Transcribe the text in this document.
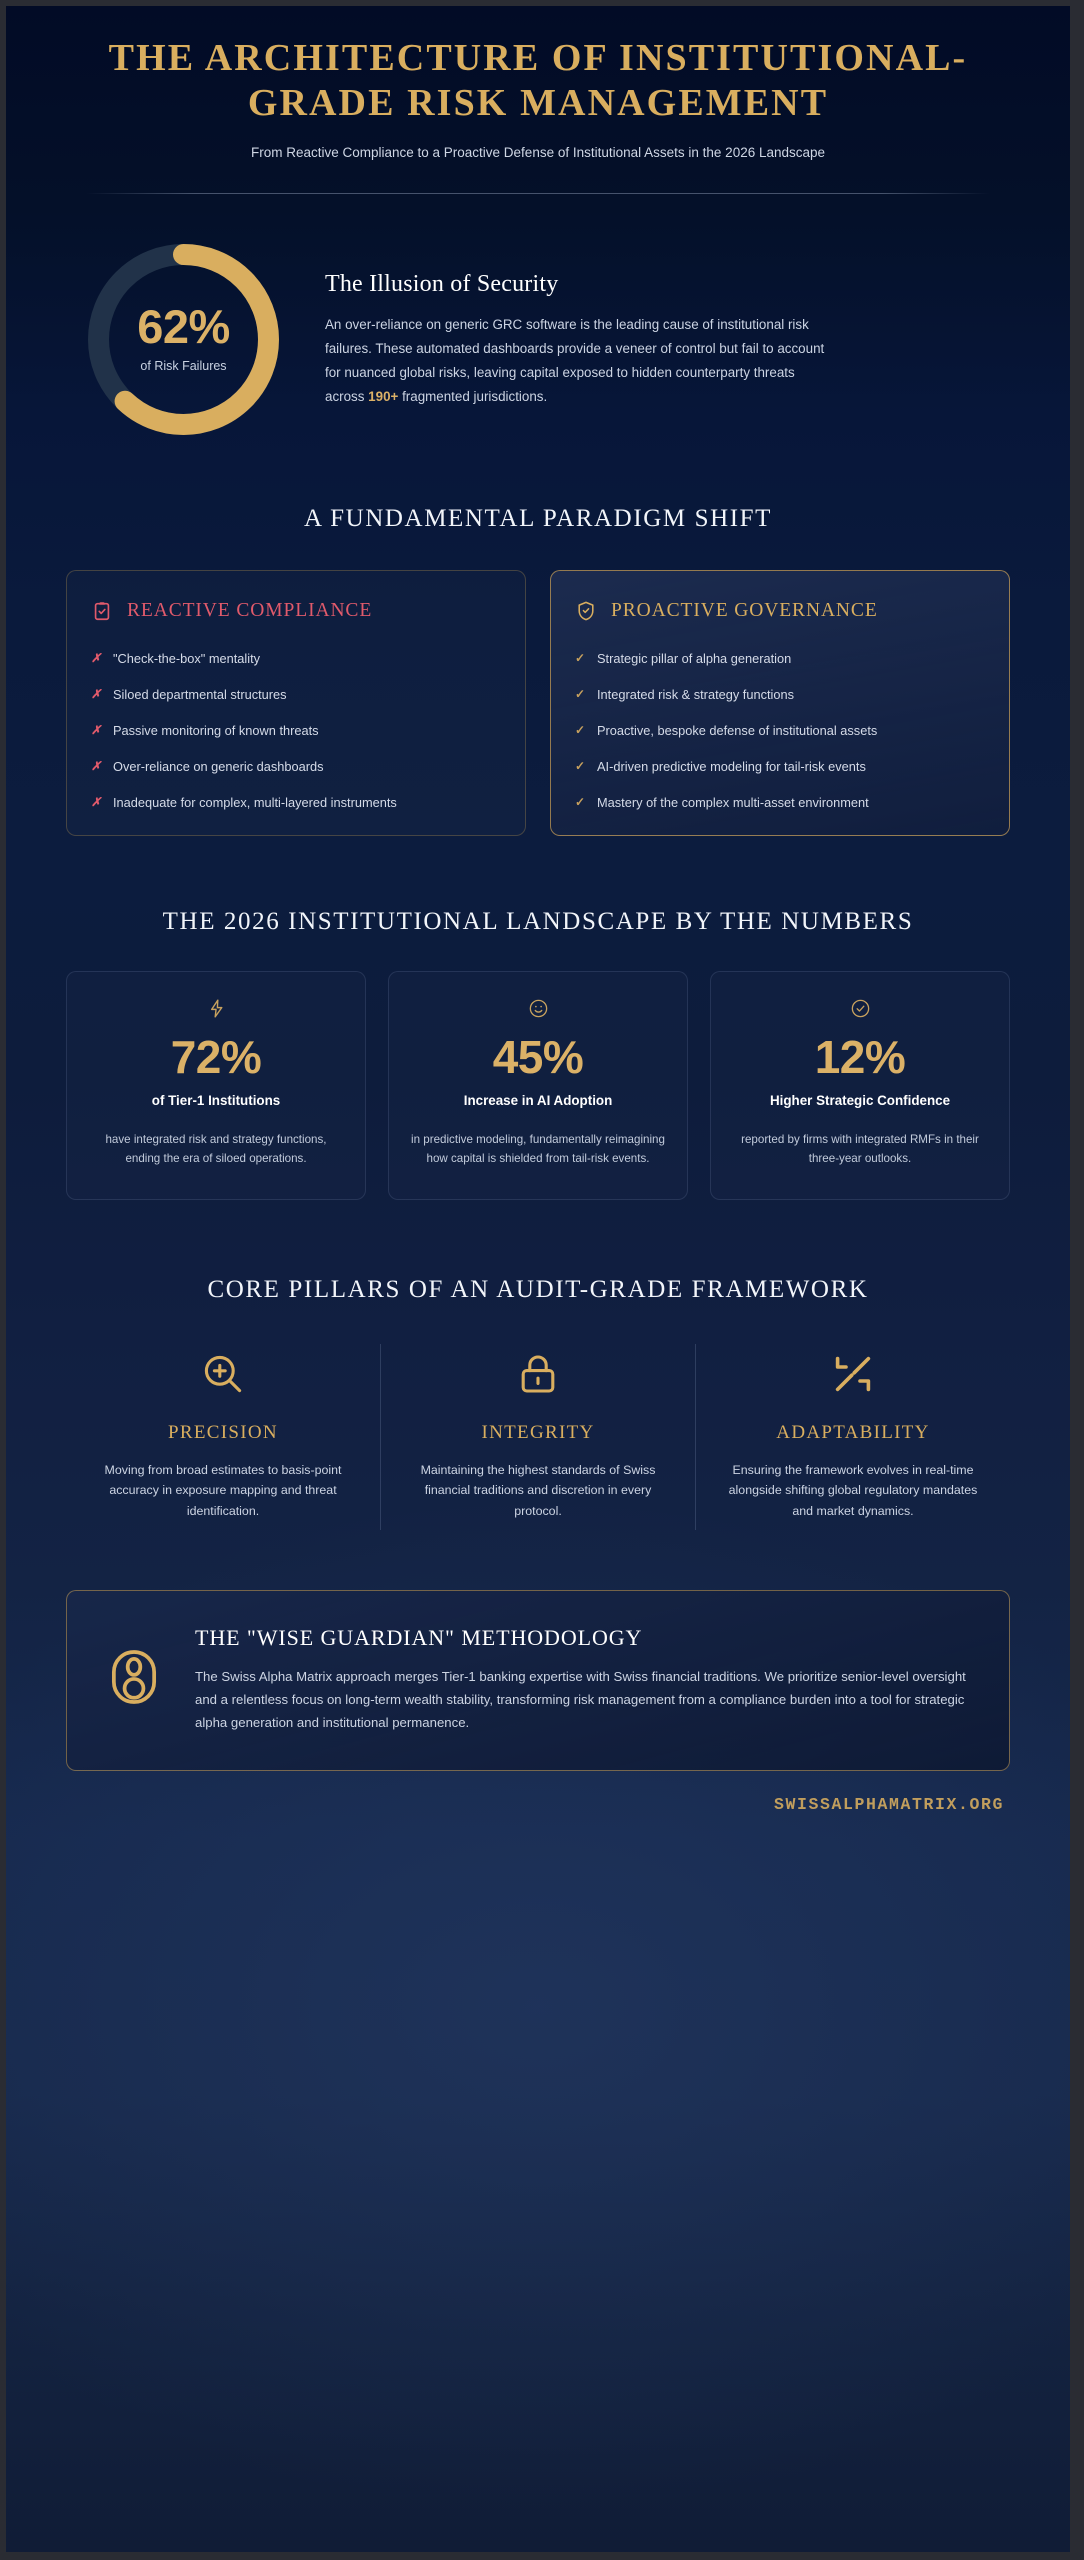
THE ARCHITECTURE OF INSTITUTIONAL-GRADE RISK MANAGEMENT
From Reactive Compliance to a Proactive Defense of Institutional Assets in the 2026 Landscape
62%
of Risk Failures
The Illusion of Security

An over-reliance on generic GRC software is the leading cause of institutional risk failures. These automated dashboards provide a veneer of control but fail to account for nuanced global risks, leaving capital exposed to hidden counterparty threats across 190+ fragmented jurisdictions.

A FUNDAMENTAL PARADIGM SHIFT
REACTIVE COMPLIANCE
✗ "Check-the-box" mentality
✗ Siloed departmental structures
✗ Passive monitoring of known threats
✗ Over-reliance on generic dashboards
✗ Inadequate for complex, multi-layered instruments
PROACTIVE GOVERNANCE
✓ Strategic pillar of alpha generation
✓ Integrated risk & strategy functions
✓ Proactive, bespoke defense of institutional assets
✓ AI-driven predictive modeling for tail-risk events
✓ Mastery of the complex multi-asset environment
THE 2026 INSTITUTIONAL LANDSCAPE BY THE NUMBERS
72%
of Tier-1 Institutions
have integrated risk and strategy functions, ending the era of siloed operations.
45%
Increase in AI Adoption
in predictive modeling, fundamentally reimagining how capital is shielded from tail-risk events.
12%
Higher Strategic Confidence
reported by firms with integrated RMFs in their three-year outlooks.
CORE PILLARS OF AN AUDIT-GRADE FRAMEWORK
PRECISION

Moving from broad estimates to basis-point accuracy in exposure mapping and threat identification.

INTEGRITY

Maintaining the highest standards of Swiss financial traditions and discretion in every protocol.

ADAPTABILITY

Ensuring the framework evolves in real-time alongside shifting global regulatory mandates and market dynamics.

THE "WISE GUARDIAN" METHODOLOGY

The Swiss Alpha Matrix approach merges Tier-1 banking expertise with Swiss financial traditions. We prioritize senior-level oversight and a relentless focus on long-term wealth stability, transforming risk management from a compliance burden into a tool for strategic alpha generation and institutional permanence.

SWISSALPHAMATRIX.ORG
